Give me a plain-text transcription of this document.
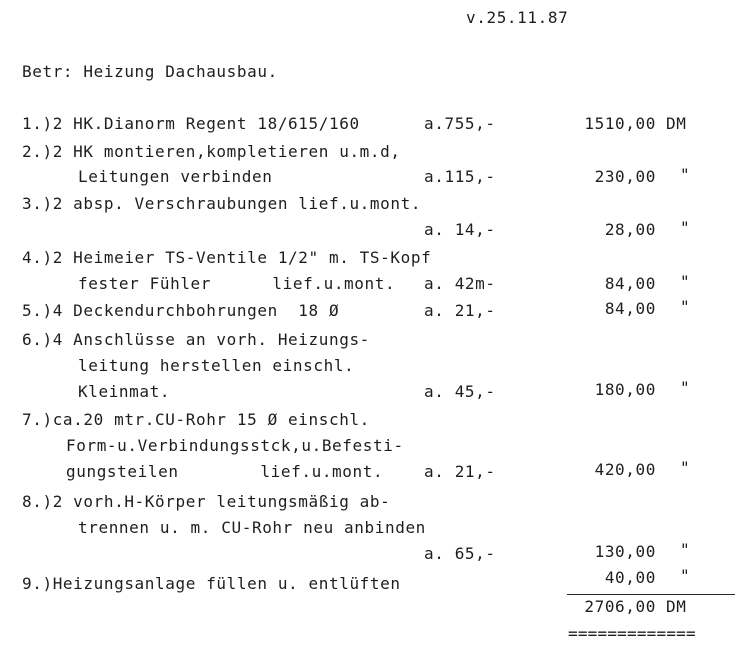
v.25.11.87
Betr: Heizung Dachausbau.
1.)2 HK.Dianorm Regent 18/615/160	a.755,-	1510,00 DM
2.)2 HK montieren,kompletieren u.m.d,
Leitungen verbinden	a.115,-	230,00 "
3.)2 absp. Verschraubungen lief.u.mont.
a. 14,-	28,00 "
4.)2 Heimeier TS-Ventile 1/2" m. TS-Kopf
fester Fühler      lief.u.mont. a. 42m-	84,00 "
5.)4 Deckendurchbohrungen  18 Ø	a. 21,-	84,00 "
6.)4 Anschlüsse an vorh. Heizungs-
leitung herstellen einschl.
Kleinmat.	a. 45,-	180,00 "
7.)ca.20 mtr.CU-Rohr 15 Ø einschl.
Form-u.Verbindungsstck,u.Befesti-
gungsteilen        lief.u.mont.	a. 21,-	420,00 "
8.)2 vorh.H-Körper leitungsmäßig ab-
trennen u. m. CU-Rohr neu anbinden
a. 65,-	130,00 "
9.)Heizungsanlage füllen u. entlüften	40,00 "
2706,00 DM
=============
